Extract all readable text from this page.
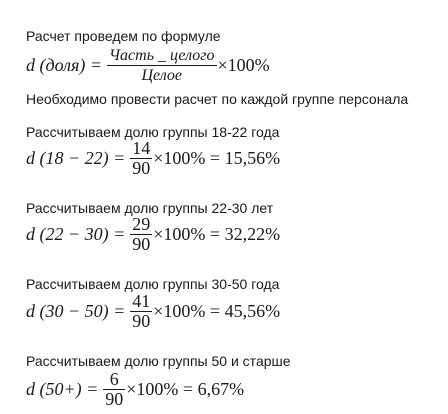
Расчет проведем по формуле
d (доля) = $\frac{\text{Часть \_ целого}}{\text{Целое}} \times 100\%$
Необходимо провести расчет по каждой группе персонала
Рассчитываем долю группы 18-22 года
d $(18 - 22) = \frac{14}{90} \times 100\% = 15,56\%$
Рассчитываем долю группы 22-30 лет
d $(22 - 30) = \frac{29}{90} \times 100\% = 32,22\%$
Рассчитываем долю группы 30-50 года
d $(30 - 50) = \frac{41}{90} \times 100\% = 45,56\%$
Рассчитываем долю группы 50 и старше
d $(50+) = \frac{6}{90} \times 100\% = 6,67\%$
